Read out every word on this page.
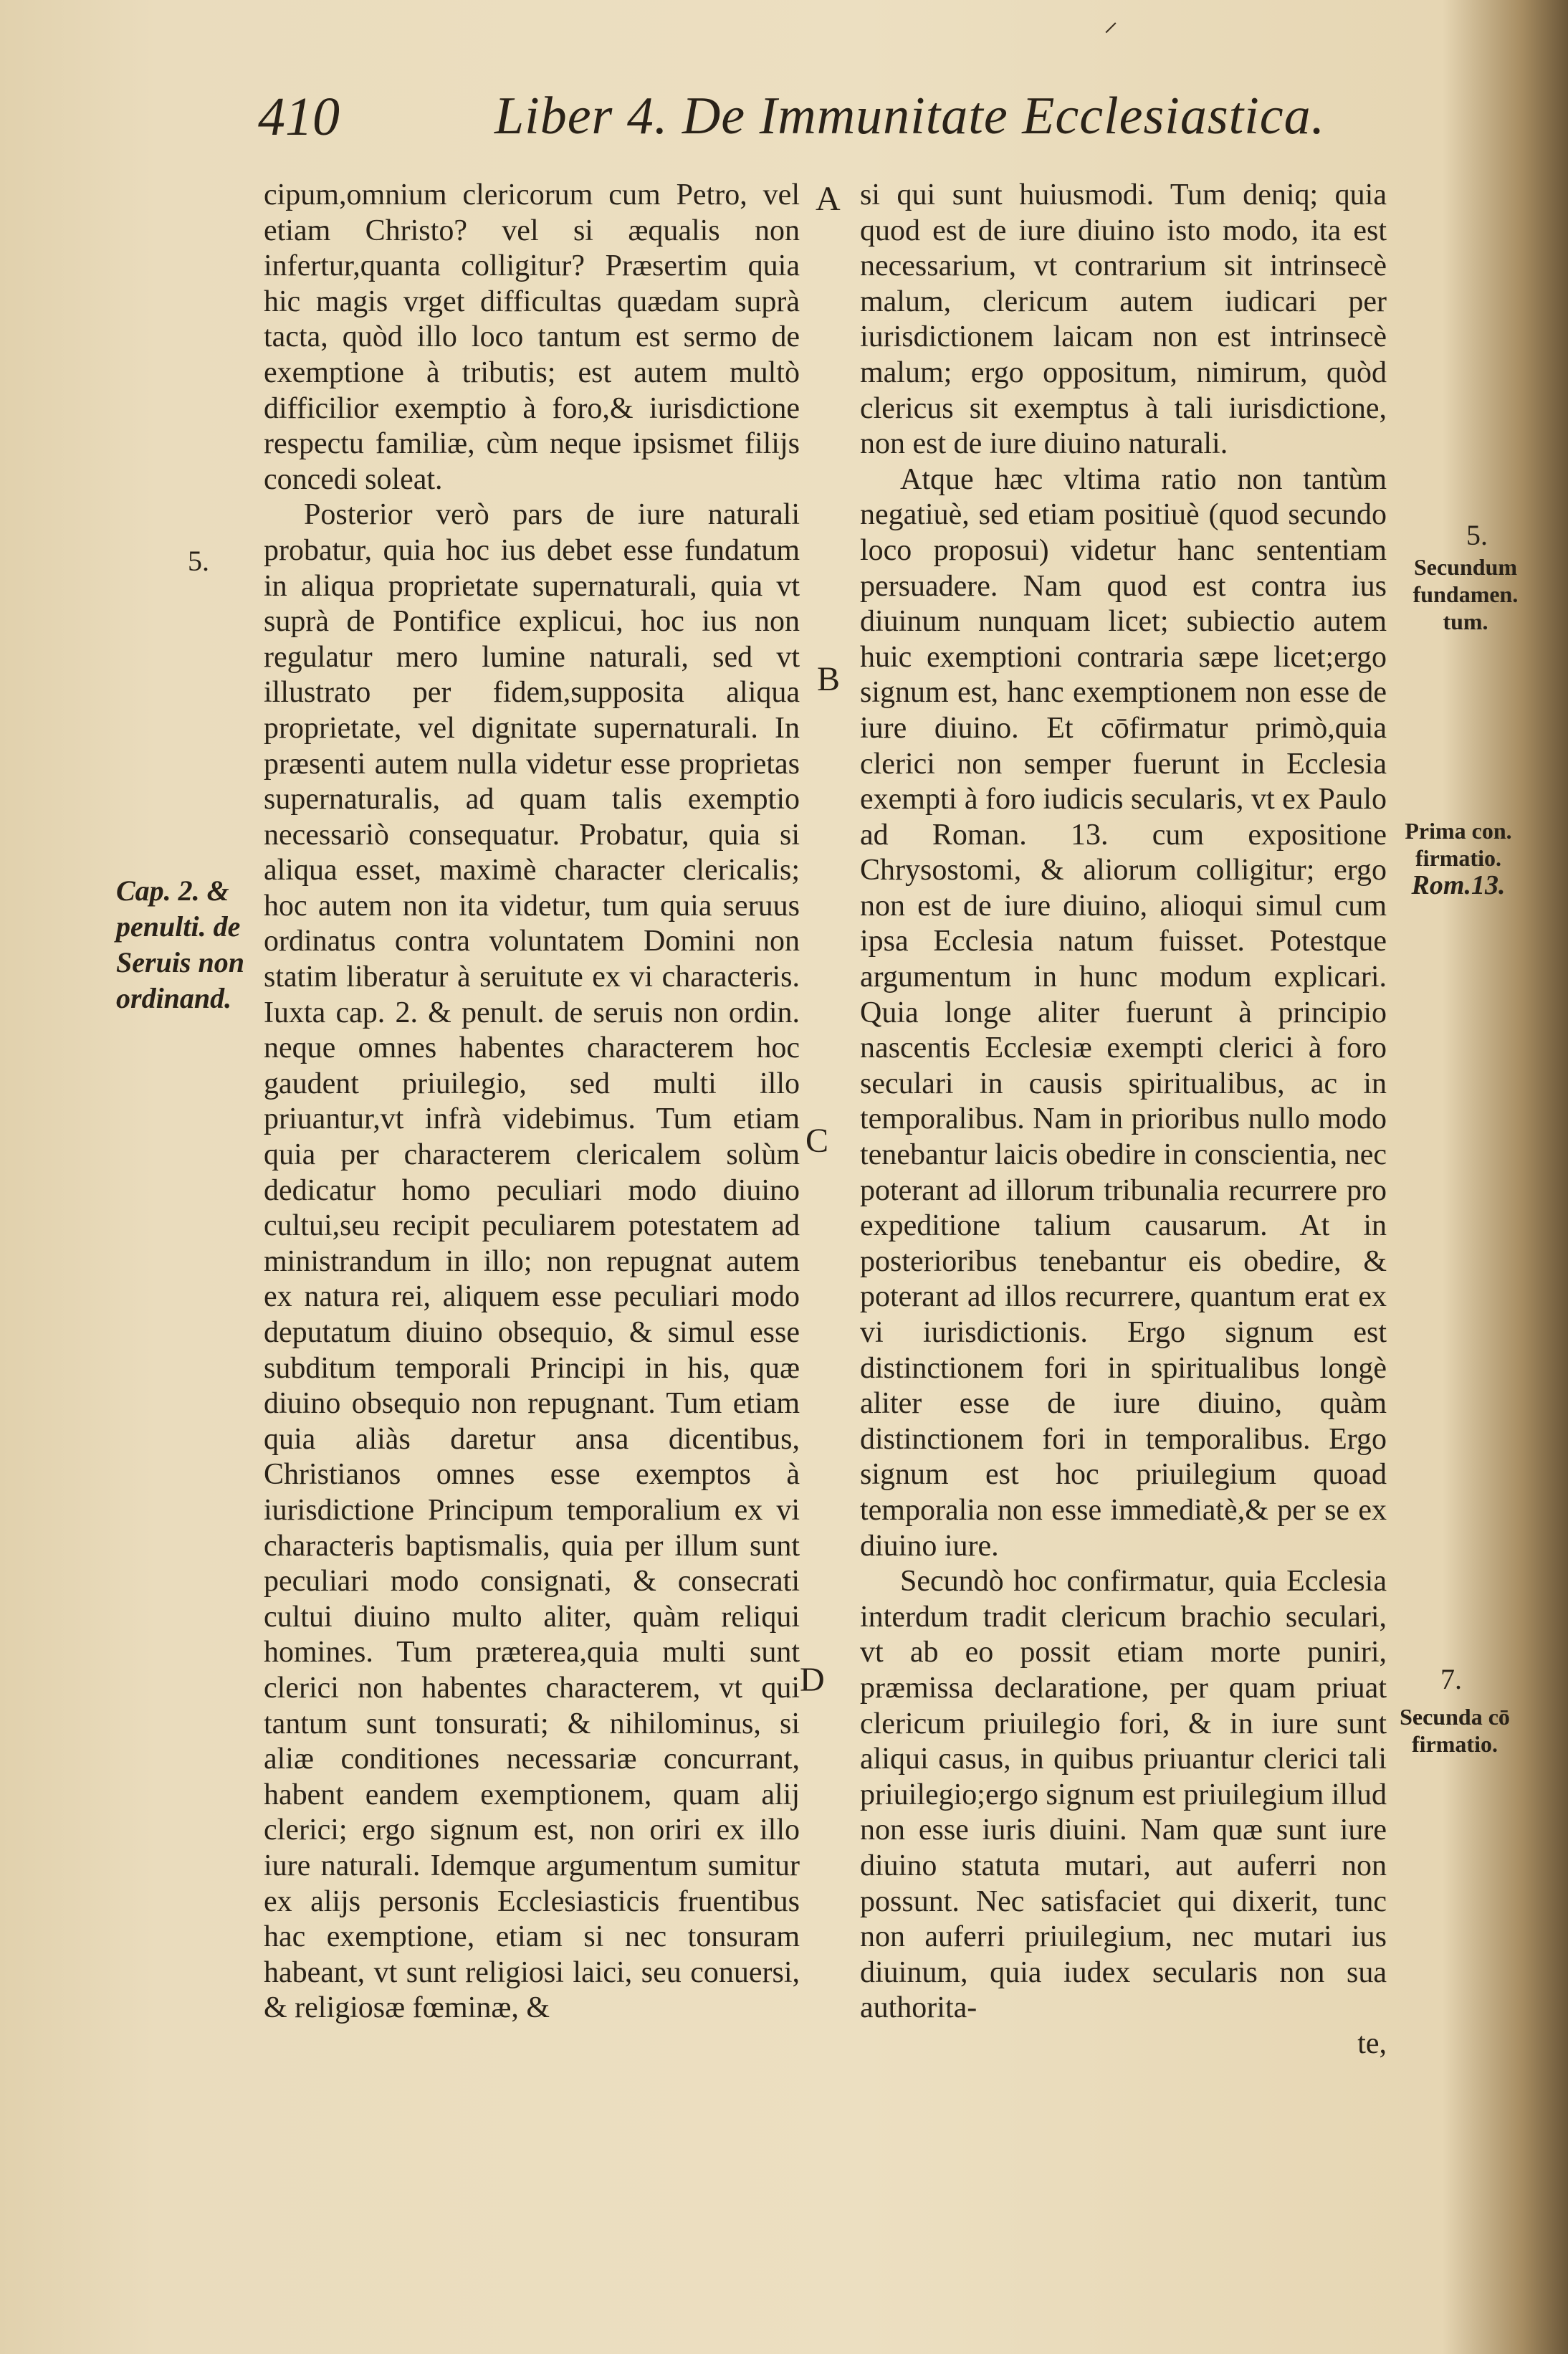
⸝
410	Liber 4. De Immunitate Ecclesiastica.
A
B
C
D
5.
Cap. 2. &
penulti. de
Seruis non
ordinand.
5.
Secundum
fundamen.
tum.
Prima con.
firmatio.
Rom.13.
7.
Secunda cō
firmatio.

cipum,omnium clericorum cum Petro, vel etiam Christo? vel si æqualis non infertur,quanta colligitur? Præsertim quia hic magis vrget difficultas quædam suprà tacta, quòd illo loco tantum est sermo de exemptione à tributis; est autem multò difficilior exemptio à foro,& iurisdictione respectu familiæ, cùm neque ipsismet filijs concedi soleat.

Posterior verò pars de iure naturali probatur, quia hoc ius debet esse fundatum in aliqua proprietate supernaturali, quia vt suprà de Pontifice explicui, hoc ius non regulatur mero lumine naturali, sed vt illustrato per fidem,supposita aliqua proprietate, vel dignitate supernaturali. In præsenti autem nulla videtur esse proprietas supernaturalis, ad quam talis exemptio necessariò consequatur. Probatur, quia si aliqua esset, maximè character clericalis; hoc autem non ita videtur, tum quia seruus ordinatus contra voluntatem Domini non statim liberatur à seruitute ex vi characteris. Iuxta cap. 2. & penult. de seruis non ordin. neque omnes habentes characterem hoc gaudent priuilegio, sed multi illo priuantur,vt infrà videbimus. Tum etiam quia per characterem clericalem solùm dedicatur homo peculiari modo diuino cultui,seu recipit peculiarem potestatem ad ministrandum in illo; non repugnat autem ex natura rei, aliquem esse peculiari modo deputatum diuino obsequio, & simul esse subditum temporali Principi in his, quæ diuino obsequio non repugnant. Tum etiam quia aliàs daretur ansa dicentibus, Christianos omnes esse exemptos à iurisdictione Principum temporalium ex vi characteris baptismalis, quia per illum sunt peculiari modo consignati, & consecrati cultui diuino multo aliter, quàm reliqui homines. Tum præterea,quia multi sunt clerici non habentes characterem, vt qui tantum sunt tonsurati; & nihilominus, si aliæ conditiones necessariæ concurrant, habent eandem exemptionem, quam alij clerici; ergo signum est, non oriri ex illo iure naturali. Idemque argumentum sumitur ex alijs personis Ecclesiasticis fruentibus hac exemptione, etiam si nec tonsuram habeant, vt sunt religiosi laici, seu conuersi, & religiosæ fœminæ, &

si qui sunt huiusmodi. Tum deniq; quia quod est de iure diuino isto modo, ita est necessarium, vt contrarium sit intrinsecè malum, clericum autem iudicari per iurisdictionem laicam non est intrinsecè malum; ergo oppositum, nimirum, quòd clericus sit exemptus à tali iurisdictione, non est de iure diuino naturali.

Atque hæc vltima ratio non tantùm negatiuè, sed etiam positiuè (quod secundo loco proposui) videtur hanc sententiam persuadere. Nam quod est contra ius diuinum nunquam licet; subiectio autem huic exemptioni contraria sæpe licet;ergo signum est, hanc exemptionem non esse de iure diuino. Et cōfirmatur primò,quia clerici non semper fuerunt in Ecclesia exempti à foro iudicis secularis, vt ex Paulo ad Roman. 13. cum expositione Chrysostomi, & aliorum colligitur; ergo non est de iure diuino, alioqui simul cum ipsa Ecclesia natum fuisset. Potestque argumentum in hunc modum explicari. Quia longe aliter fuerunt à principio nascentis Ecclesiæ exempti clerici à foro seculari in causis spiritualibus, ac in temporalibus. Nam in prioribus nullo modo tenebantur laicis obedire in conscientia, nec poterant ad illorum tribunalia recurrere pro expeditione talium causarum. At in posterioribus tenebantur eis obedire, & poterant ad illos recurrere, quantum erat ex vi iurisdictionis. Ergo signum est distinctionem fori in spiritualibus longè aliter esse de iure diuino, quàm distinctionem fori in temporalibus. Ergo signum est hoc priuilegium quoad temporalia non esse immediatè,& per se ex diuino iure.

Secundò hoc confirmatur, quia Ecclesia interdum tradit clericum brachio seculari, vt ab eo possit etiam morte puniri, præmissa declaratione, per quam priuat clericum priuilegio fori, & in iure sunt aliqui casus, in quibus priuantur clerici tali priuilegio;ergo signum est priuilegium illud non esse iuris diuini. Nam quæ sunt iure diuino statuta mutari, aut auferri non possunt. Nec satisfaciet qui dixerit, tunc non auferri priuilegium, nec mutari ius diuinum, quia iudex secularis non sua authorita-

te,
